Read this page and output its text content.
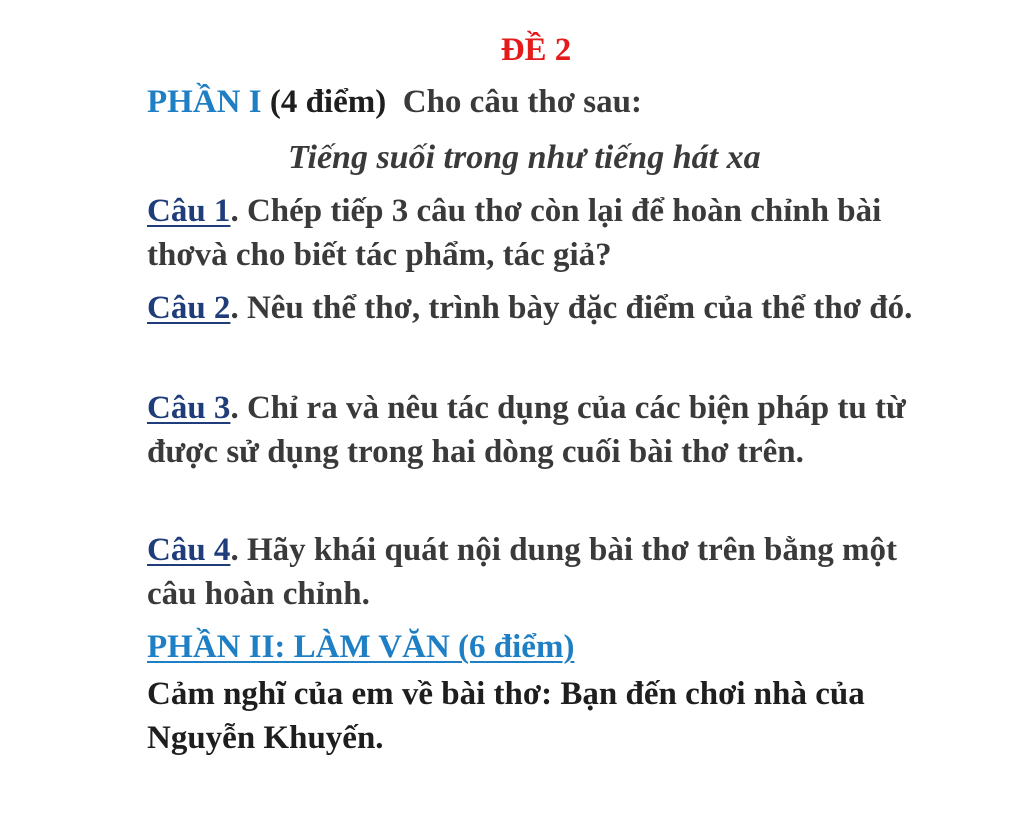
ĐỀ 2

PHẦN I (4 điểm) Cho câu thơ sau:

Tiếng suối trong như tiếng hát xa

Câu 1. Chép tiếp 3 câu thơ còn lại để hoàn chỉnh bài thơvà cho biết tác phẩm, tác giả?

Câu 2. Nêu thể thơ, trình bày đặc điểm của thể thơ đó.

Câu 3. Chỉ ra và nêu tác dụng của các biện pháp tu từ được sử dụng trong hai dòng cuối bài thơ trên.

Câu 4. Hãy khái quát nội dung bài thơ trên bằng một câu hoàn chỉnh.

PHẦN II: LÀM VĂN (6 điểm)

Cảm nghĩ của em về bài thơ: Bạn đến chơi nhà của Nguyễn Khuyến.
